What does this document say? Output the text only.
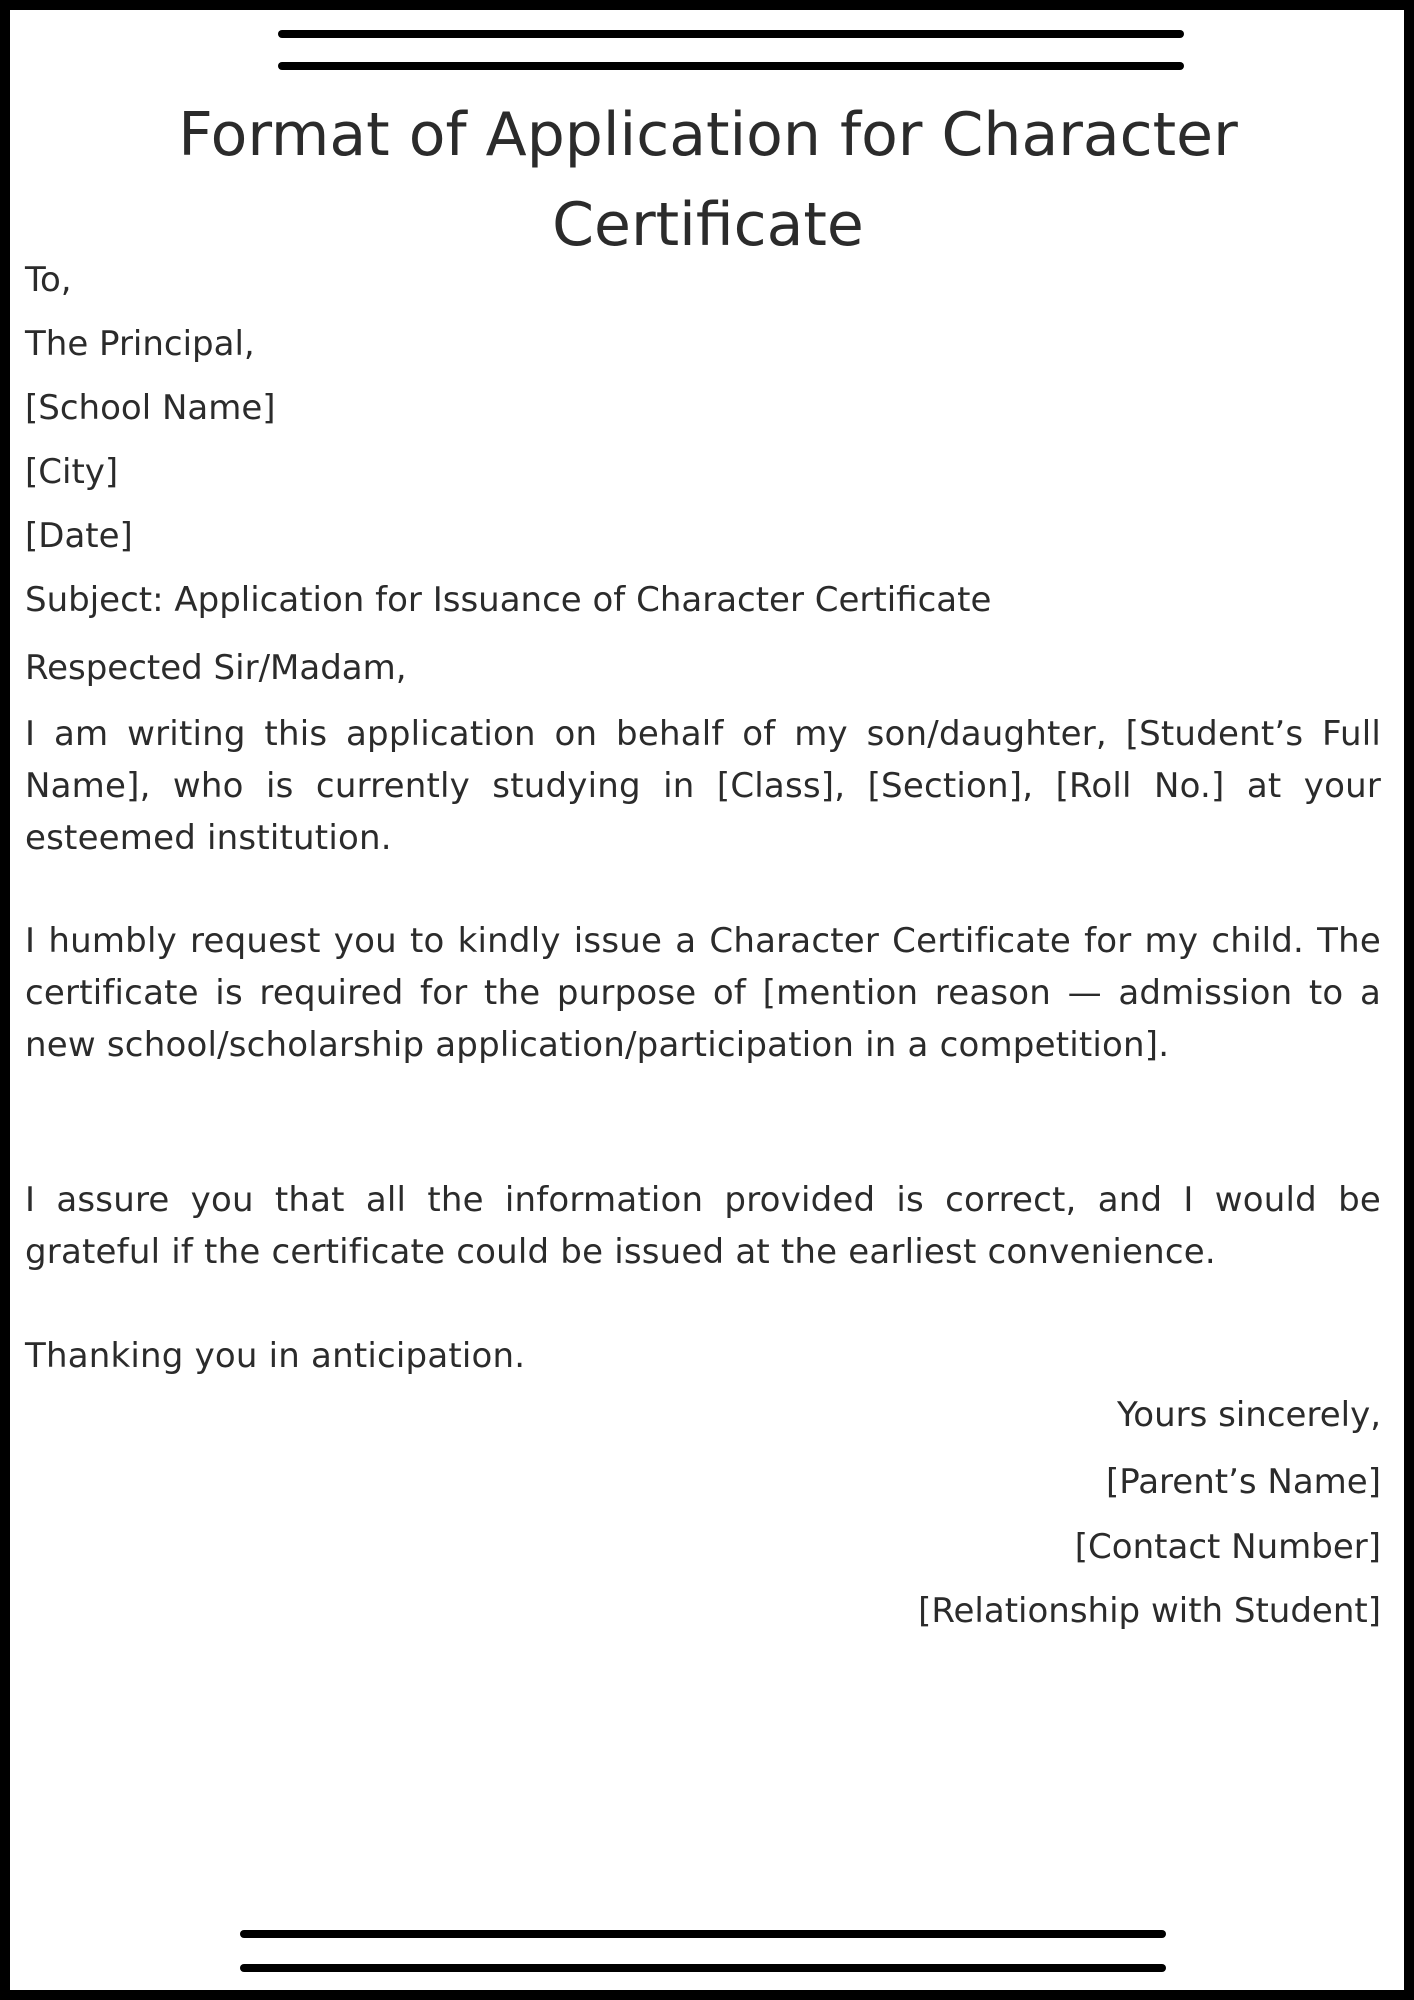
Format of Application for Character Certificate

To,

The Principal,

[School Name]

[City]

[Date]

Subject: Application for Issuance of Character Certificate

Respected Sir/Madam,

I am writing this application on behalf of my son/daughter, [Student’s Full Name], who is currently studying in [Class], [Section], [Roll No.] at your esteemed institution.

I humbly request you to kindly issue a Character Certificate for my child. The certificate is required for the purpose of [mention reason — admission to a new school/scholarship application/participation in a competition].

I assure you that all the information provided is correct, and I would be grateful if the certificate could be issued at the earliest convenience.

Thanking you in anticipation.

Yours sincerely,

[Parent’s Name]

[Contact Number]

[Relationship with Student]
